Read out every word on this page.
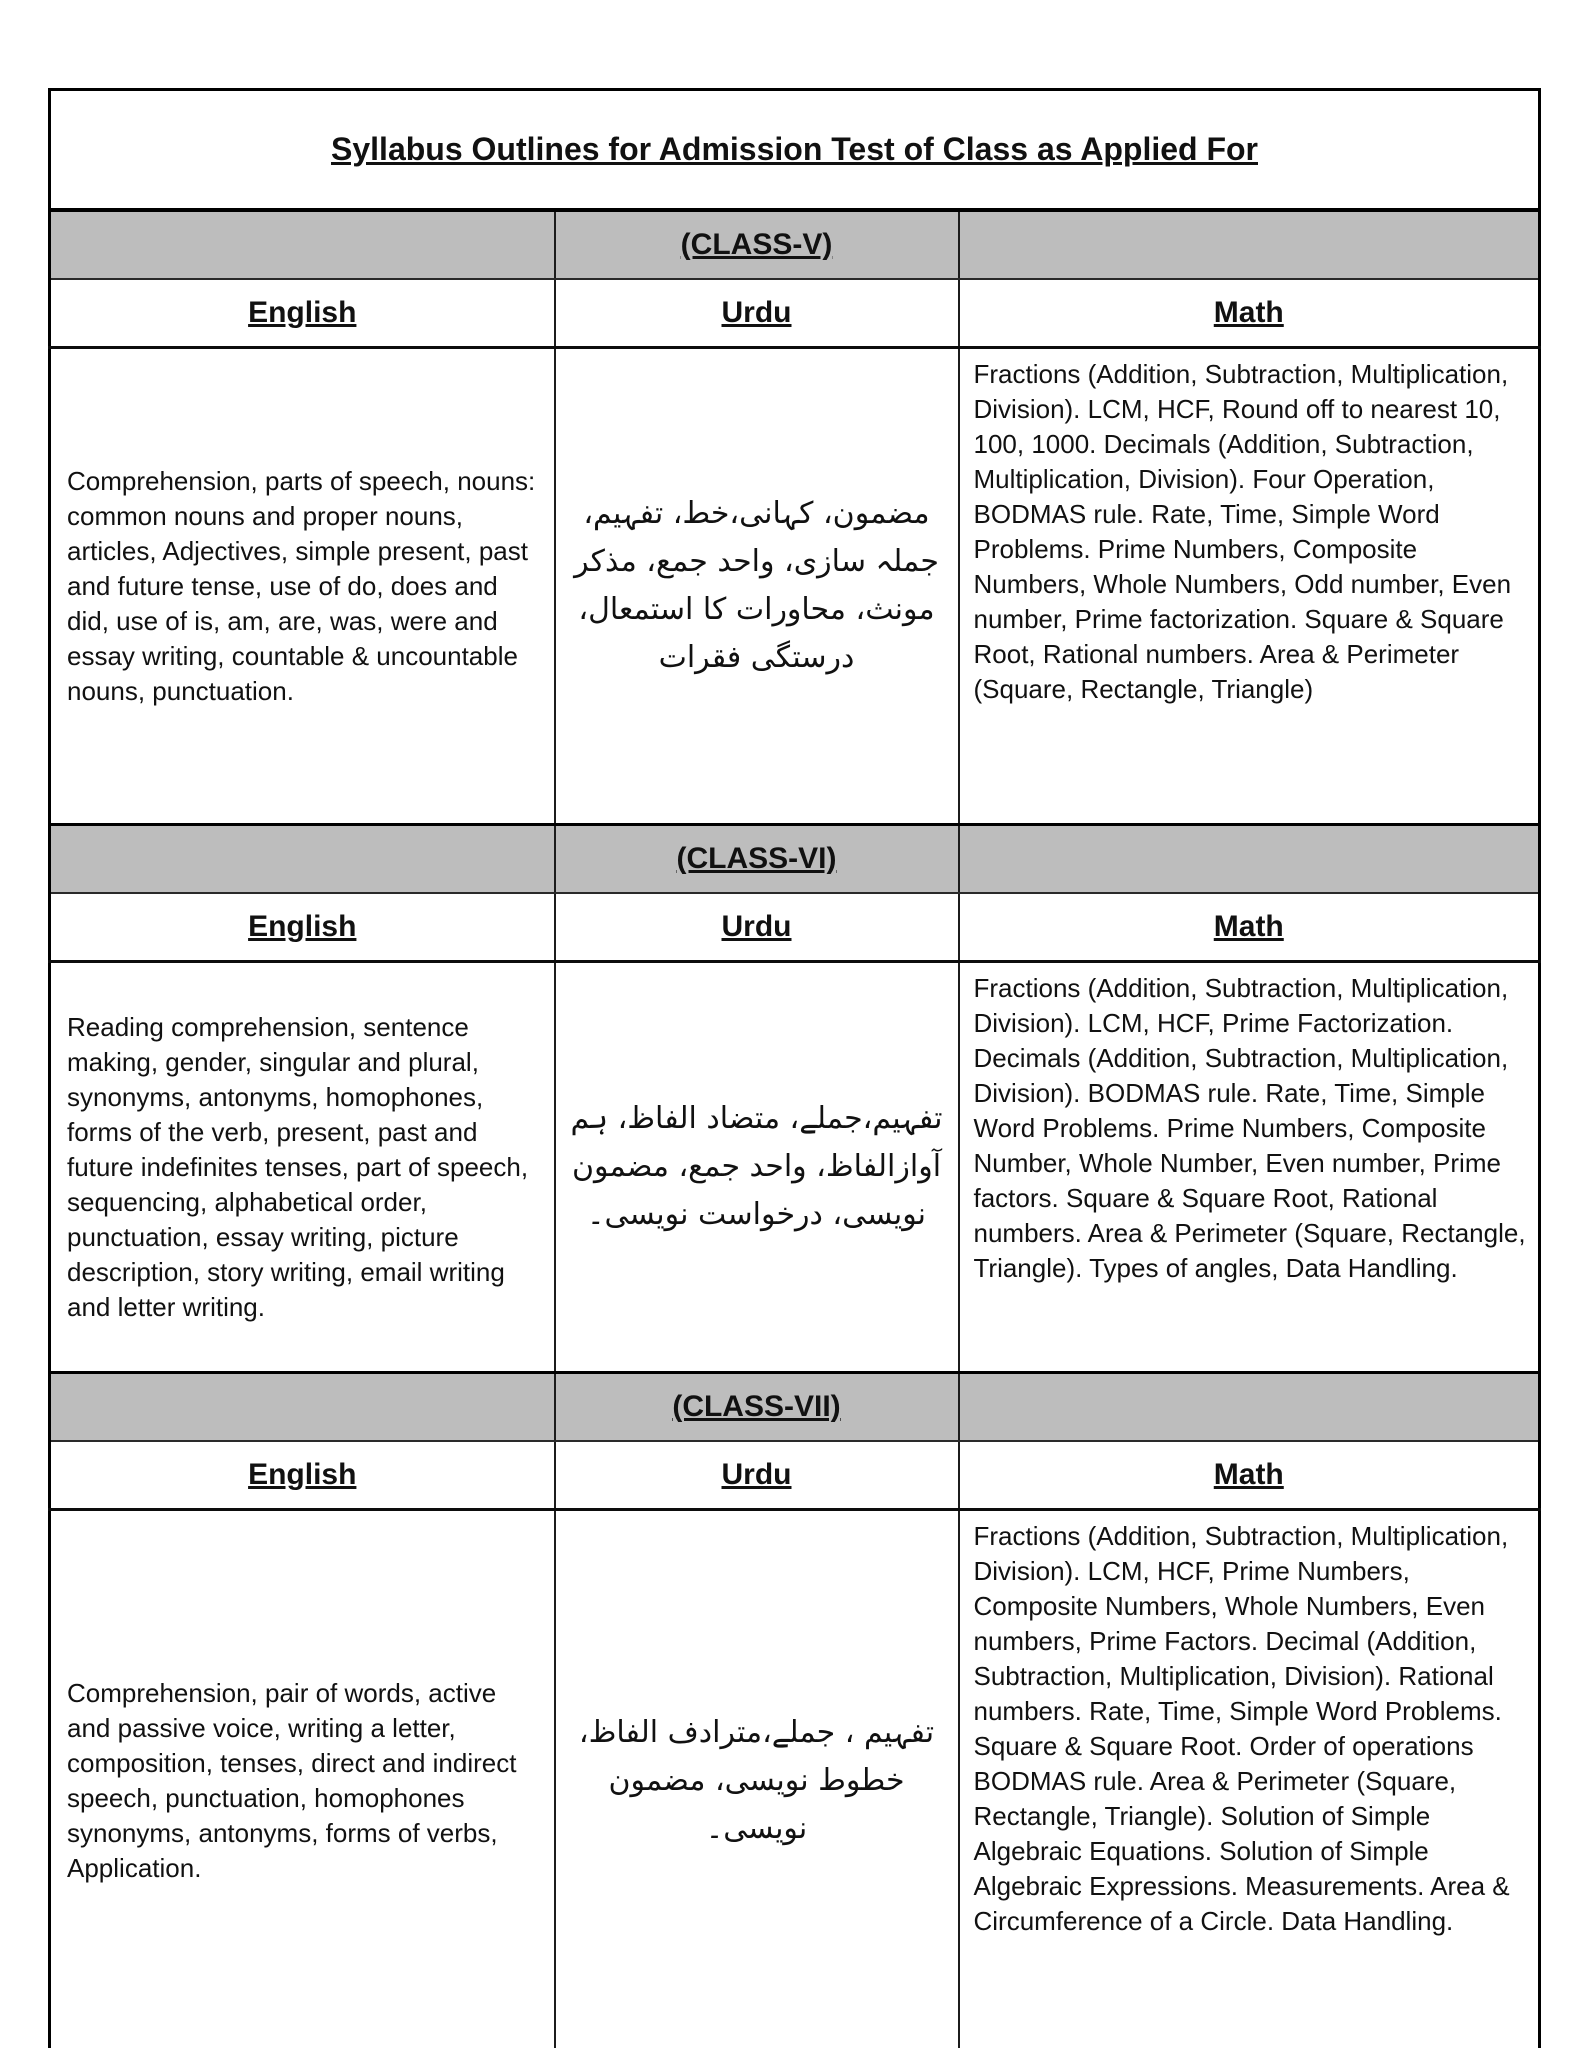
Syllabus Outlines for Admission Test of Class as Applied For		
	(CLASS-V)	
English	Urdu	Math
Comprehension, parts of speech, nouns: common nouns and proper nouns, articles, Adjectives, simple present, past and future tense, use of do, does and did, use of is, am, are, was, were and essay writing, countable & uncountable nouns, punctuation.	مضمون، کہانی،خط، تفہیم، جملہ سازی، واحد جمع، مذکر مونث، محاورات کا استمعال، درستگی فقرات	Fractions (Addition, Subtraction, Multiplication, Division). LCM, HCF, Round off to nearest 10, 100, 1000. Decimals (Addition, Subtraction, Multiplication, Division). Four Operation, BODMAS rule. Rate, Time, Simple Word Problems. Prime Numbers, Composite Numbers, Whole Numbers, Odd number, Even number, Prime factorization. Square & Square Root, Rational numbers. Area & Perimeter (Square, Rectangle, Triangle)
	(CLASS-VI)	
English	Urdu	Math
Reading comprehension, sentence making, gender, singular and plural, synonyms, antonyms, homophones, forms of the verb, present, past and future indefinites tenses, part of speech, sequencing, alphabetical order, punctuation, essay writing, picture description, story writing, email writing and letter writing.	تفہیم،جملے، متضاد الفاظ، ہم آوازالفاظ، واحد جمع، مضمون نویسی، درخواست نویسی۔	Fractions (Addition, Subtraction, Multiplication, Division). LCM, HCF, Prime Factorization. Decimals (Addition, Subtraction, Multiplication, Division). BODMAS rule. Rate, Time, Simple Word Problems. Prime Numbers, Composite Number, Whole Number, Even number, Prime factors. Square & Square Root, Rational numbers. Area & Perimeter (Square, Rectangle, Triangle). Types of angles, Data Handling.
	(CLASS-VII)	
English	Urdu	Math
Comprehension, pair of words, active and passive voice, writing a letter, composition, tenses, direct and indirect speech, punctuation, homophones synonyms, antonyms, forms of verbs, Application.	تفہیم ، جملے،مترادف الفاظ، خطوط نویسی، مضمون نویسی۔	Fractions (Addition, Subtraction, Multiplication, Division). LCM, HCF, Prime Numbers, Composite Numbers, Whole Numbers, Even numbers, Prime Factors. Decimal (Addition, Subtraction, Multiplication, Division). Rational numbers. Rate, Time, Simple Word Problems. Square & Square Root. Order of operations BODMAS rule. Area & Perimeter (Square, Rectangle, Triangle). Solution of Simple Algebraic Equations. Solution of Simple Algebraic Expressions. Measurements. Area & Circumference of a Circle. Data Handling.
